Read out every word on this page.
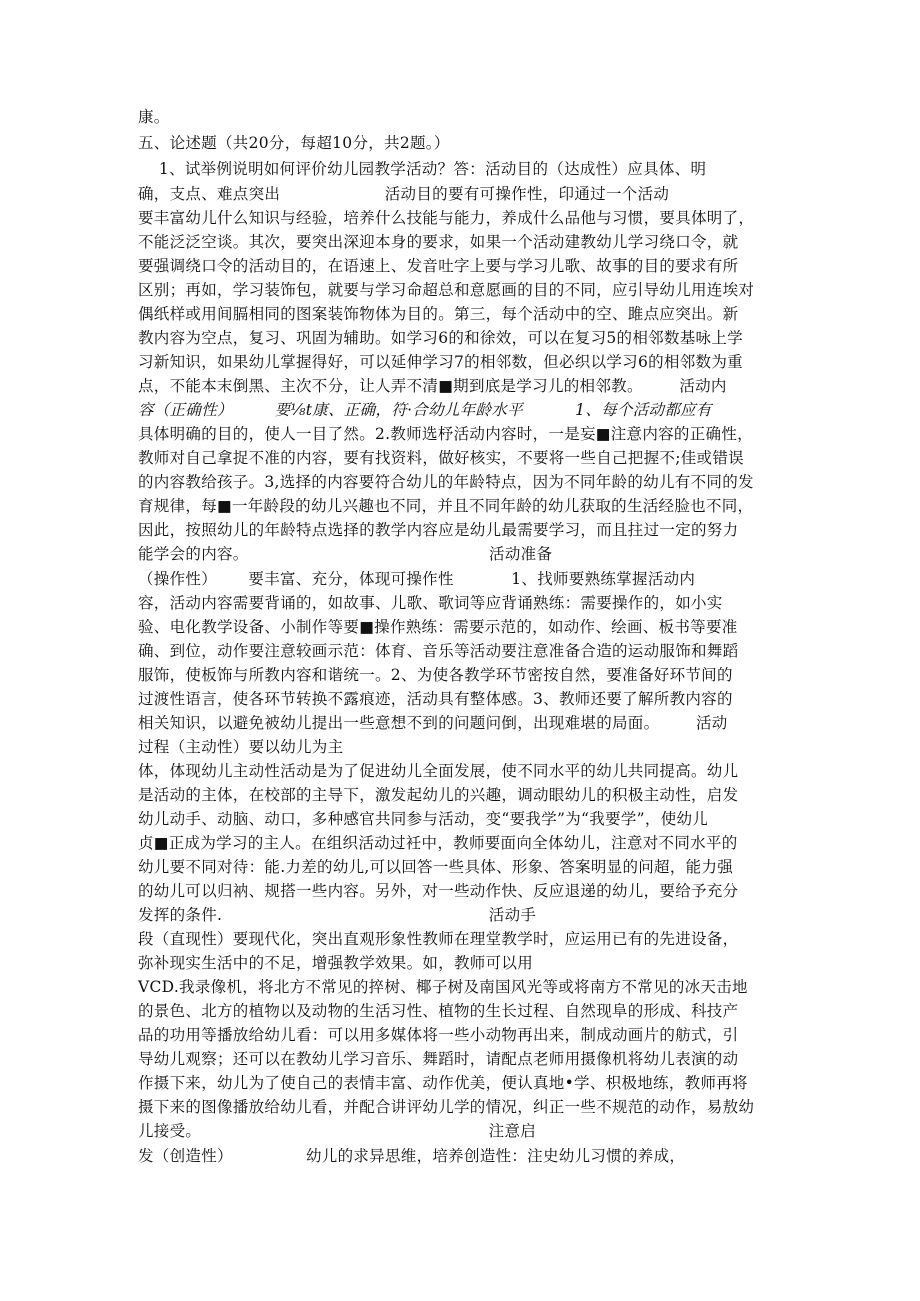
康。
五、论述题（共20分，每超10分，共2题。）
1、试举例说明如何评价幼儿园教学活动？答：活动目的（达成性）应具体、明
确，支点、难点突出                    活动目的要有可操作性，印通过一个活动
要丰富幼儿什么知识与经验，培养什么技能与能力，养成什么品他与习惯，要具体明了，
不能泛泛空谈。其次，要突出深迎本身的要求，如果一个活动建教幼儿学习绕口令，就
要强调绕口令的活动目的，在语速上、发音吐字上要与学习儿歌、故事的目的要求有所
区别；再如，学习装饰包，就要与学习命超总和意愿画的目的不同，应引导幼儿用连埃对
偶纸样或用间膈相同的图案装饰物体为目的。第三，每个活动中的空、雎点应突出。新
教内容为空点，复习、巩固为辅助。如学习6的和徐效，可以在复习5的相邻数基咏上学
习新知识，如果幼儿掌握得好，可以延伸学习7的相邻数，但必织以学习6的相邻数为重
点，不能本末倒黑、主次不分，让人弄不清■期到底是学习儿的相邻教。       活动内
容（正确性）        要⅛t康、正确，符·合幼儿年龄水平          1、每个活动都应有
具体明确的目的，使人一目了然。2.教师选杼活动内容时，一是妄■注意内容的正确性，
教师对自己拿捉不准的内容，要有找资料，做好核实，不要将一些自己把握不;佳或错误
的内容教给孩子。3,选择的内容要符合幼儿的年龄特点，因为不同年龄的幼儿有不同的发
育规律，每■一年龄段的幼儿兴趣也不同，并且不同年龄的幼儿获取的生活经脸也不同，
因此，按照幼儿的年龄特点选择的教学内容应是幼儿最需要学习，而且拄过一定的努力
能学会的内容。                                              活动准备
（操作性）      要丰富、充分，体现可操作性           1、找师要熟练掌握活动内
容，活动内容需要背诵的，如故事、儿歌、歌词等应背诵熟练：需要操作的，如小实
验、电化教学设备、小制作等要■操作熟练：需要示范的，如动作、绘画、板书等要准
确、到位，动作要注意较画示范：体育、音乐等活动要注意准备合造的运动服饰和舞蹈
服饰，使板饰与所教内容和谐统一。2、为使各教学环节密按自然，要准备好环节间的
过渡性语言，使各环节转换不露痕迹，活动具有整体感。3、教师还要了解所教内容的
相关知识，以避免被幼儿提出一些意想不到的问题问倒，出现难堪的局面。       活动
过程（主动性）要以幼儿为主
体，体现幼儿主动性活动是为了促进幼儿全面发展，使不同水平的幼儿共同提高。幼儿
是活动的主体，在校部的主导下，激发起幼儿的兴趣，调动眼幼儿的积极主动性，启发
幼儿动手、动脑、动口，多种感官共同参与活动，变“要我学”为“我要学”，使幼儿
贞■正成为学习的主人。在组织活动过衽中，教师要面向全体幼儿，注意对不同水平的
幼儿要不同对待：能.力差的幼儿,可以回答一些具体、形象、答案明显的问超，能力强
的幼儿可以归衲、规搭一些内容。另外，对一些动作快、反应退递的幼儿，要给予充分
发挥的条件.                                                   活动手
段（直现性）要现代化，突出直观形象性教师在理堂教学时，应运用已有的先进设备，
弥补现实生活中的不足，增强教学效果。如，教师可以用
VCD.我录像机，将北方不常见的捽树、椰子树及南国风光等或将南方不常见的冰天击地
的景色、北方的植物以及动物的生活习性、植物的生长过程、自然现阜的形成、科技产
品的功用等播放给幼儿看：可以用多媒体将一些小动物再出来，制成动画片的舫式，引
导幼儿观察；还可以在教幼儿学习音乐、舞蹈时，请配点老师用摄像机将幼儿表演的动
作摄下来，幼儿为了使自己的表情丰富、动作优美，便认真地•学、枳极地练，教师再将
摄下来的图像播放给幼儿看，并配合讲评幼儿学的情况，纠正一些不规范的动作，易敖幼
儿接受。                                                       注意启
发（创造性）              幼儿的求异思维，培养创造性：注史幼儿习惯的养成，
